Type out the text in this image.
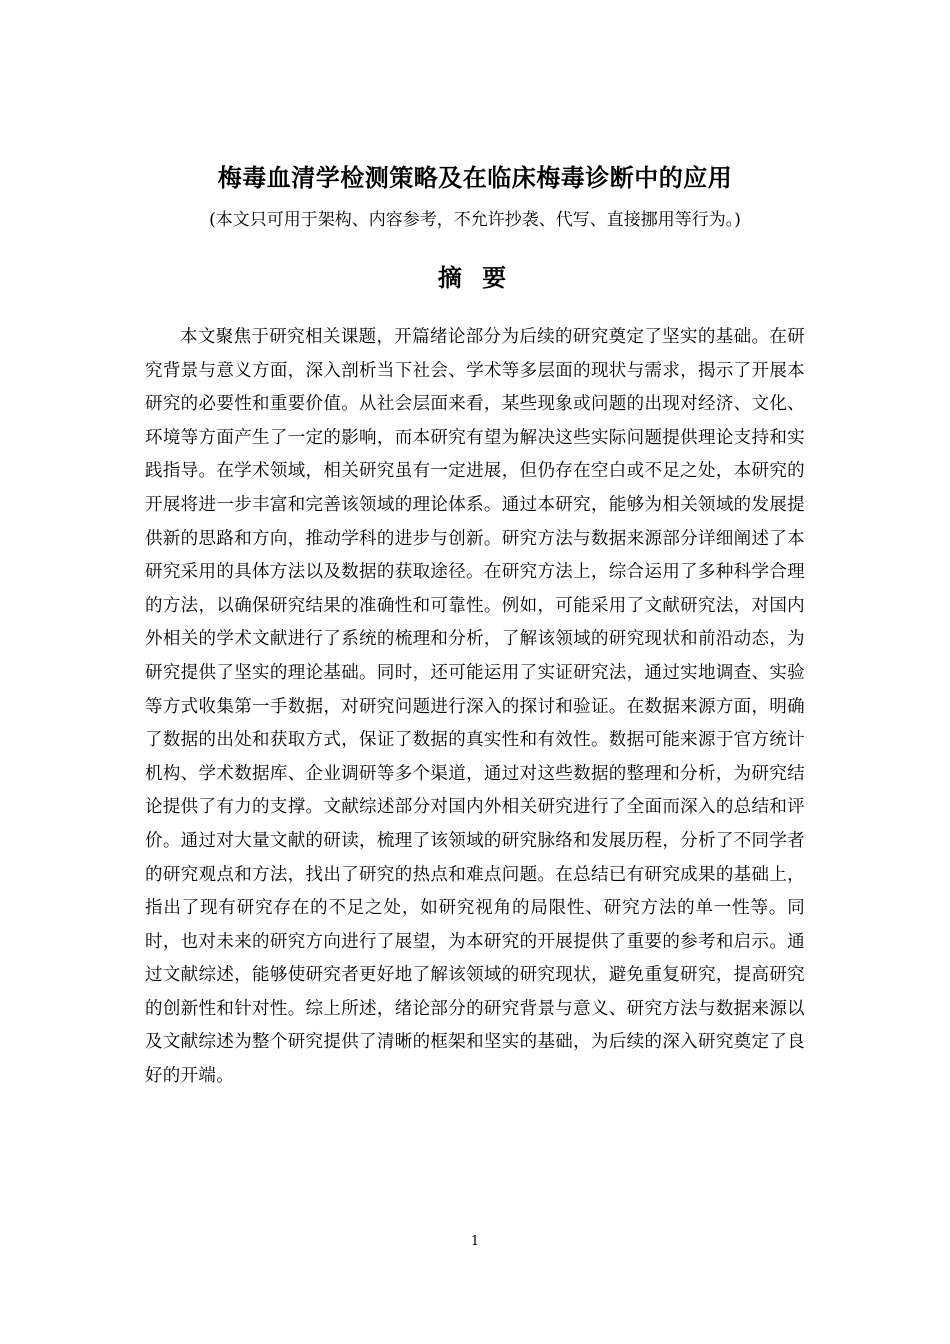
梅毒血清学检测策略及在临床梅毒诊断中的应用
(本文只可用于架构、内容参考，不允许抄袭、代写、直接挪用等行为。)
摘 要

本文聚焦于研究相关课题，开篇绪论部分为后续的研究奠定了坚实的基础。在研究背景与意义方面，深入剖析当下社会、学术等多层面的现状与需求，揭示了开展本研究的必要性和重要价值。从社会层面来看，某些现象或问题的出现对经济、文化、环境等方面产生了一定的影响，而本研究有望为解决这些实际问题提供理论支持和实践指导。在学术领域，相关研究虽有一定进展，但仍存在空白或不足之处，本研究的开展将进一步丰富和完善该领域的理论体系。通过本研究，能够为相关领域的发展提供新的思路和方向，推动学科的进步与创新。研究方法与数据来源部分详细阐述了本研究采用的具体方法以及数据的获取途径。在研究方法上，综合运用了多种科学合理的方法，以确保研究结果的准确性和可靠性。例如，可能采用了文献研究法，对国内外相关的学术文献进行了系统的梳理和分析，了解该领域的研究现状和前沿动态，为研究提供了坚实的理论基础。同时，还可能运用了实证研究法，通过实地调查、实验等方式收集第一手数据，对研究问题进行深入的探讨和验证。在数据来源方面，明确了数据的出处和获取方式，保证了数据的真实性和有效性。数据可能来源于官方统计机构、学术数据库、企业调研等多个渠道，通过对这些数据的整理和分析，为研究结论提供了有力的支撑。文献综述部分对国内外相关研究进行了全面而深入的总结和评价。通过对大量文献的研读，梳理了该领域的研究脉络和发展历程，分析了不同学者的研究观点和方法，找出了研究的热点和难点问题。在总结已有研究成果的基础上，指出了现有研究存在的不足之处，如研究视角的局限性、研究方法的单一性等。同时，也对未来的研究方向进行了展望，为本研究的开展提供了重要的参考和启示。通过文献综述，能够使研究者更好地了解该领域的研究现状，避免重复研究，提高研究的创新性和针对性。综上所述，绪论部分的研究背景与意义、研究方法与数据来源以及文献综述为整个研究提供了清晰的框架和坚实的基础，为后续的深入研究奠定了良好的开端。

1
